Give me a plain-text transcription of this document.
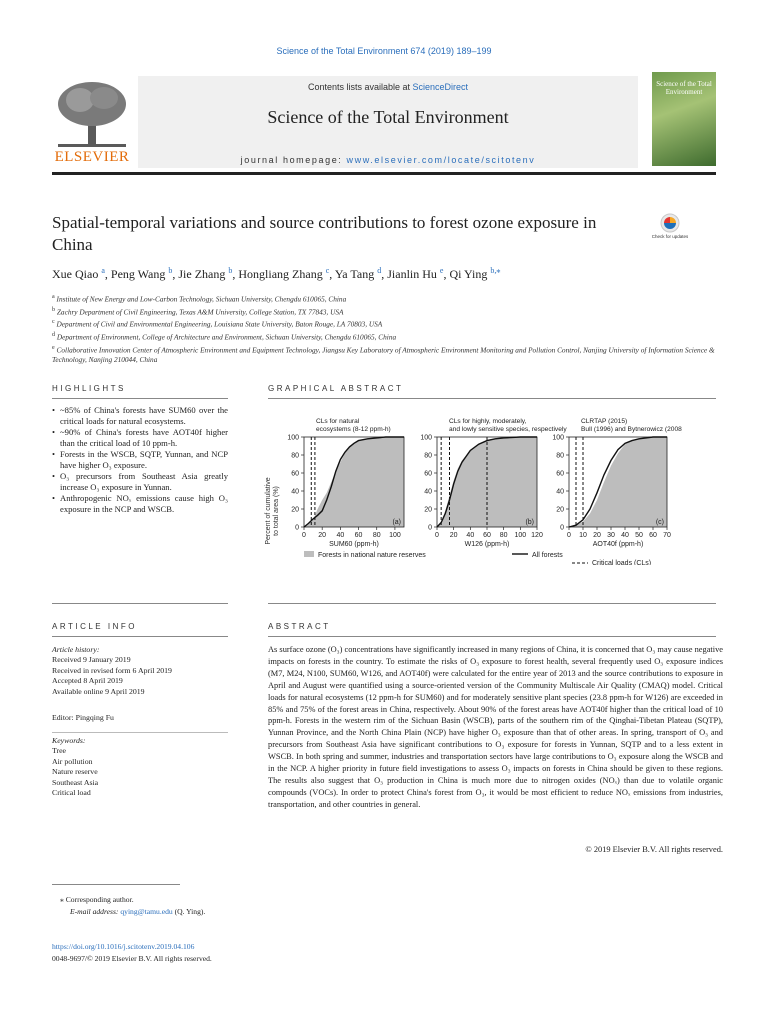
Science of the Total Environment 674 (2019) 189–199
ELSEVIER
Contents lists available at ScienceDirect
Science of the Total Environment
journal homepage: www.elsevier.com/locate/scitotenv
Science of the Total Environment
Spatial-temporal variations and source contributions to forest ozone exposure in China	Check for updates
Xue Qiao $^a$, Peng Wang $^b$, Jie Zhang $^b$, Hongliang Zhang $^c$, Ya Tang $^d$, Jianlin Hu $^e$, Qi Ying $^{b,⁎}$
$^a$ Institute of New Energy and Low-Carbon Technology, Sichuan University, Chengdu 610065, China
$^b$ Zachry Department of Civil Engineering, Texas A&M University, College Station, TX 77843, USA
$^c$ Department of Civil and Environmental Engineering, Louisiana State University, Baton Rouge, LA 70803, USA
$^d$ Department of Environment, College of Architecture and Environment, Sichuan University, Chengdu 610065, China
$^e$ Collaborative Innovation Center of Atmospheric Environment and Equipment Technology, Jiangsu Key Laboratory of Atmospheric Environment Monitoring and Pollution Control, Nanjing University of Information Science & Technology, Nanjing 210044, China
HIGHLIGHTS
• ~85% of China's forests have SUM60 over the critical loads for natural ecosystems.
• ~90% of China's forests have AOT40f higher than the critical load of 10 ppm-h.
• Forests in the WSCB, SQTP, Yunnan, and NCP have higher O₃ exposure.
• O₃ precursors from Southeast Asia greatly increase O₃ exposure in Yunnan.
• Anthropogenic NOₓ emissions cause high O₃ exposure in the NCP and WSCB.
GRAPHICAL ABSTRACT
Percent of cumulative to total area (%) 0
20
40
60
80
100
0 20 40 60 80 100
SUM60 (ppm-h)
(a)
CLs for natural
ecosystems (8-12 ppm-h)
0
20
40
60
80
100
0 20 40 60 80 100 120
W126 (ppm-h)
(b)
CLs for highly, moderately,
and lowly sensitive species, respectively
0
20
40
60
80
100
0 10 20 30 40 50 60 70
AOT40f (ppm-h)
(c)
CLRTAP (2015)
Bull (1996) and Bytnerowicz (2008)
Forests in national nature reserves	All forests
Critical loads (CLs)
ARTICLE INFO
Article history:
Received 9 January 2019
Received in revised form 6 April 2019
Accepted 8 April 2019
Available online 9 April 2019
Editor: Pingqing Fu
Keywords:
Tree
Air pollution
Nature reserve
Southeast Asia
Critical load
ABSTRACT
As surface ozone (O₃) concentrations have significantly increased in many regions of China, it is concerned that O₃ may cause negative impacts on forests in the country. To estimate the risks of O₃ exposure to forest health, several frequently used O₃ exposure indices (M7, M24, N100, SUM60, W126, and AOT40f) were calculated for the entire year of 2013 and the source contributions to exposure in April and August were quantified using a source-oriented version of the Community Multiscale Air Quality (CMAQ) model. Critical loads for natural ecosystems (12 ppm-h for SUM60) and for moderately sensitive plant species (23.8 ppm-h for W126) are exceeded in 85% and 75% of the forest areas in China, respectively. About 90% of the forest areas have AOT40f higher than the critical load of 10 ppm-h. Forests in the western rim of the Sichuan Basin (WSCB), parts of the southern rim of the Qinghai-Tibetan Plateau (SQTP), Yunnan Province, and the North China Plain (NCP) have higher O₃ exposure than that of other areas. In spring, transport of O₃ and precursors from Southeast Asia have significant contributions to O₃ exposure for forests in Yunnan, SQTP and to a less extent in WSCB. In both spring and summer, industries and transportation sectors have large contributions to O₃ exposure along the WSCB and in the NCP. A higher priority in future field investigations to assess O₃ impacts on forests in China should be given to these regions. The results also suggest that O₃ production in China is much more due to nitrogen oxides (NOₓ) than due to volatile organic compounds (VOCs). In order to protect China's forest from O₃, it would be most efficient to reduce NOₓ emissions from industries, transportation, and other countries in general.
© 2019 Elsevier B.V. All rights reserved.
⁎ Corresponding author.
E-mail address: qying@tamu.edu (Q. Ying).
https://doi.org/10.1016/j.scitotenv.2019.04.106
0048-9697/© 2019 Elsevier B.V. All rights reserved.
